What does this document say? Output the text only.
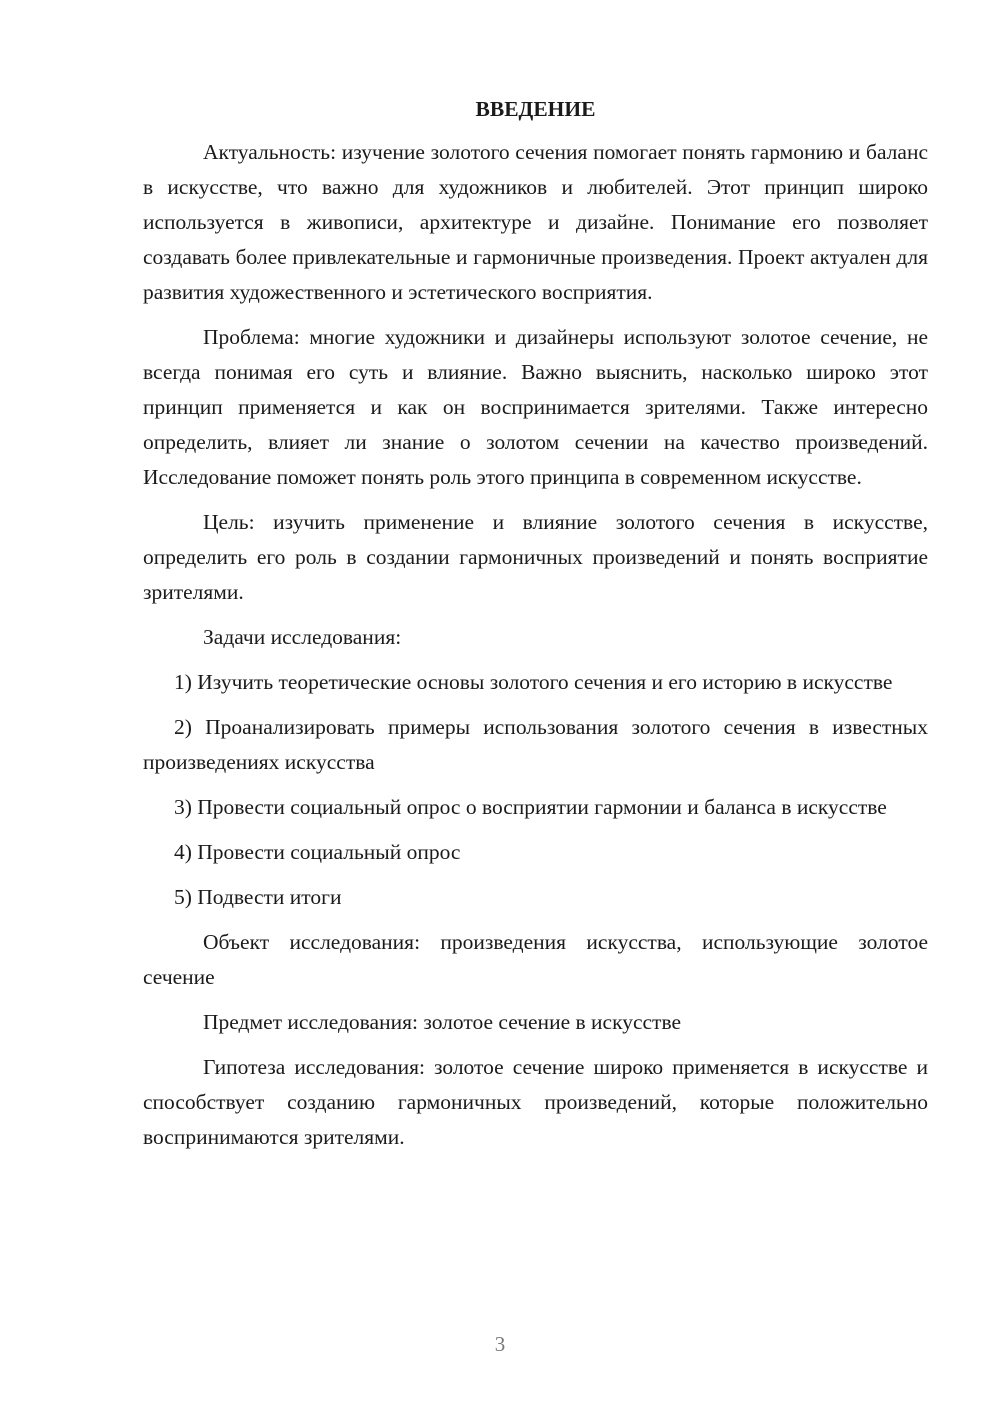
ВВЕДЕНИЕ

Актуальность: изучение золотого сечения помогает понять гармонию и баланс в искусстве, что важно для художников и любителей. Этот принцип широко используется в живописи, архитектуре и дизайне. Понимание его позволяет создавать более привлекательные и гармоничные произведения. Проект актуален для развития художественного и эстетического восприятия.

Проблема: многие художники и дизайнеры используют золотое сечение, не всегда понимая его суть и влияние. Важно выяснить, насколько широко этот принцип применяется и как он воспринимается зрителями. Также интересно определить, влияет ли знание о золотом сечении на качество произведений. Исследование поможет понять роль этого принципа в современном искусстве.

Цель: изучить применение и влияние золотого сечения в искусстве, определить его роль в создании гармоничных произведений и понять восприятие зрителями.

Задачи исследования:

1) Изучить теоретические основы золотого сечения и его историю в искусстве

2) Проанализировать примеры использования золотого сечения в известных произведениях искусства

3) Провести социальный опрос о восприятии гармонии и баланса в искусстве

4) Провести социальный опрос

5) Подвести итоги

Объект исследования: произведения искусства, использующие золотое сечение

Предмет исследования: золотое сечение в искусстве

Гипотеза исследования: золотое сечение широко применяется в искусстве и способствует созданию гармоничных произведений, которые положительно воспринимаются зрителями.

3
